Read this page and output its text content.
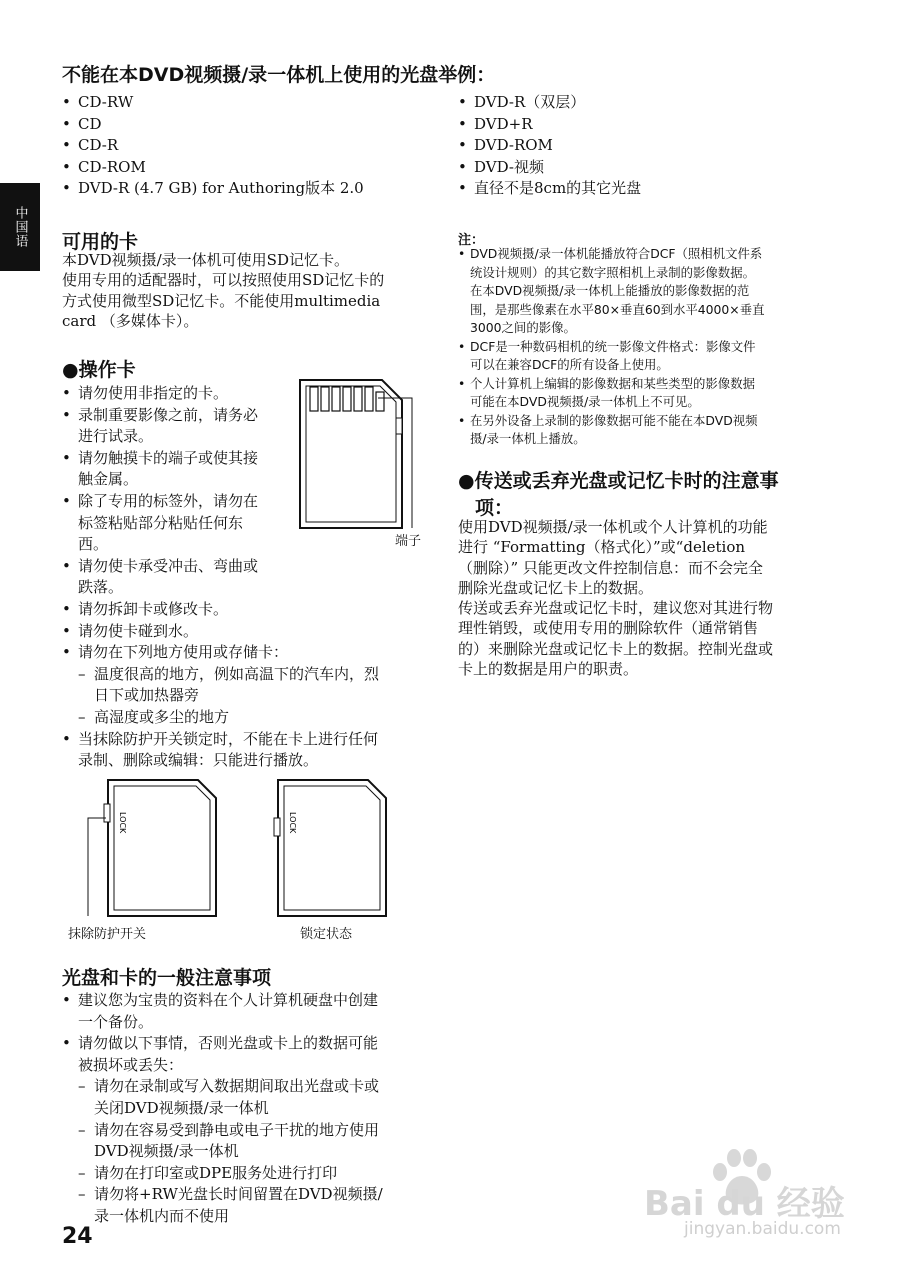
中国语
不能在本DVD视频摄/录一体机上使用的光盘举例：
• CD-RW
• CD
• CD-R
• CD-ROM
• DVD-R (4.7 GB) for Authoring版本 2.0
• DVD-R（双层）
• DVD+R
• DVD-ROM
• DVD-视频
• 直径不是8cm的其它光盘
可用的卡
本DVD视频摄/录一体机可使用SD记忆卡。
使用专用的适配器时，可以按照使用SD记忆卡的
方式使用微型SD记忆卡。不能使用multimedia
card （多媒体卡）。
●操作卡
• 请勿使用非指定的卡。
• 录制重要影像之前，请务必
进行试录。
• 请勿触摸卡的端子或使其接
触金属。
• 除了专用的标签外，请勿在
标签粘贴部分粘贴任何东
西。
• 请勿使卡承受冲击、弯曲或
跌落。
• 请勿拆卸卡或修改卡。
• 请勿使卡碰到水。
• 请勿在下列地方使用或存储卡：
– 温度很高的地方，例如高温下的汽车内，烈
日下或加热器旁
– 高湿度或多尘的地方
• 当抹除防护开关锁定时，不能在卡上进行任何
录制、删除或编辑：只能进行播放。
端子
LOCK	LOCK
抹除防护开关	锁定状态
光盘和卡的一般注意事项
• 建议您为宝贵的资料在个人计算机硬盘中创建
一个备份。
• 请勿做以下事情，否则光盘或卡上的数据可能
被损坏或丢失：
– 请勿在录制或写入数据期间取出光盘或卡或
关闭DVD视频摄/录一体机
– 请勿在容易受到静电或电子干扰的地方使用
DVD视频摄/录一体机
– 请勿在打印室或DPE服务处进行打印
– 请勿将+RW光盘长时间留置在DVD视频摄/
录一体机内而不使用
注：
• DVD视频摄/录一体机能播放符合DCF（照相机文件系
统设计规则）的其它数字照相机上录制的影像数据。
在本DVD视频摄/录一体机上能播放的影像数据的范
围，是那些像素在水平80×垂直60到水平4000×垂直
3000之间的影像。
• DCF是一种数码相机的统一影像文件格式：影像文件
可以在兼容DCF的所有设备上使用。
• 个人计算机上编辑的影像数据和某些类型的影像数据
可能在本DVD视频摄/录一体机上不可见。
• 在另外设备上录制的影像数据可能不能在本DVD视频
摄/录一体机上播放。
●传送或丢弃光盘或记忆卡时的注意事
项：
使用DVD视频摄/录一体机或个人计算机的功能
进行 “Formatting（格式化）”或“deletion
（删除）” 只能更改文件控制信息：而不会完全
删除光盘或记忆卡上的数据。
传送或丢弃光盘或记忆卡时，建议您对其进行物
理性销毁，或使用专用的删除软件（通常销售
的）来删除光盘或记忆卡上的数据。控制光盘或
卡上的数据是用户的职责。
24
Bai du 经验
jingyan.baidu.com
